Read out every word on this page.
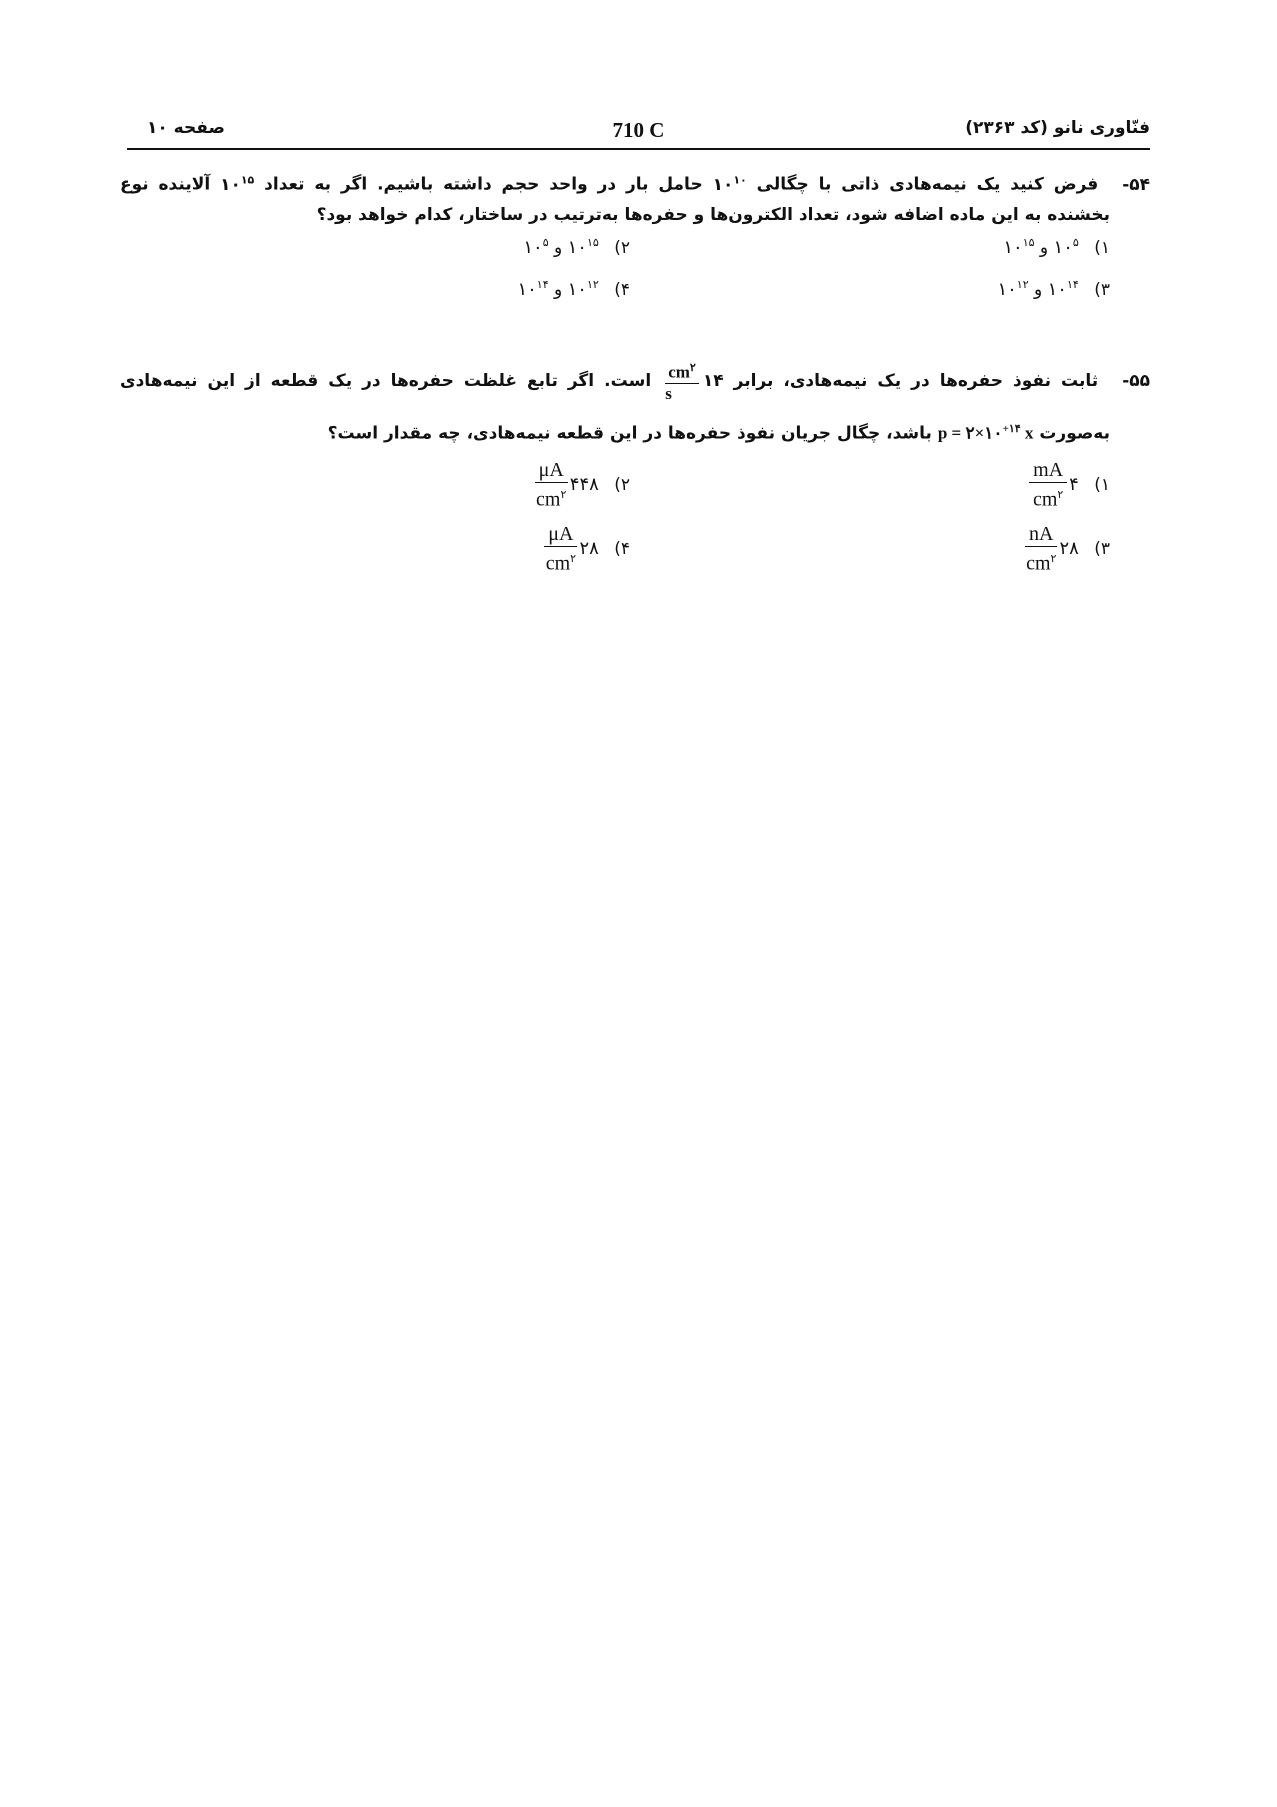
فنّاوری نانو (کد ۲۳۶۳)
710 C
صفحه ۱۰
۵۴- فرض کنید یک نیمه‌هادی ذاتی با چگالی $۱۰^{۱۰}$ حامل بار در واحد حجم داشته باشیم. اگر به تعداد $۱۰^{۱۵}$ آلاینده نوع
بخشنده به این ماده اضافه شود، تعداد الکترون‌ها و حفره‌ها به‌ترتیب در ساختار، کدام خواهد بود؟
۱) $۱۰^۵$ و $۱۰^{۱۵}$
۲) $۱۰^{۱۵}$ و $۱۰^۵$
۳) $۱۰^{۱۴}$ و $۱۰^{۱۲}$
۴) $۱۰^{۱۲}$ و $۱۰^{۱۴}$
۵۵- ثابت نفوذ حفره‌ها در یک نیمه‌هادی، برابر ۱۴
$\frac{cm^۲}{s}$
است. اگر تابع غلظت حفره‌ها در یک قطعه از این نیمه‌هادی
به‌صورت $p = ۲\times ۱۰^{+۱۴}$ x باشد، چگال جریان نفوذ حفره‌ها در این قطعه نیمه‌هادی، چه مقدار است؟
۱) ۴
$\frac{mA}{cm^۲}$
۲) ۴۴۸
$\frac{\mu A}{cm^۲}$
۳) ۲۸
$\frac{nA}{cm^۲}$
۴) ۲۸
$\frac{\mu A}{cm^۲}$
